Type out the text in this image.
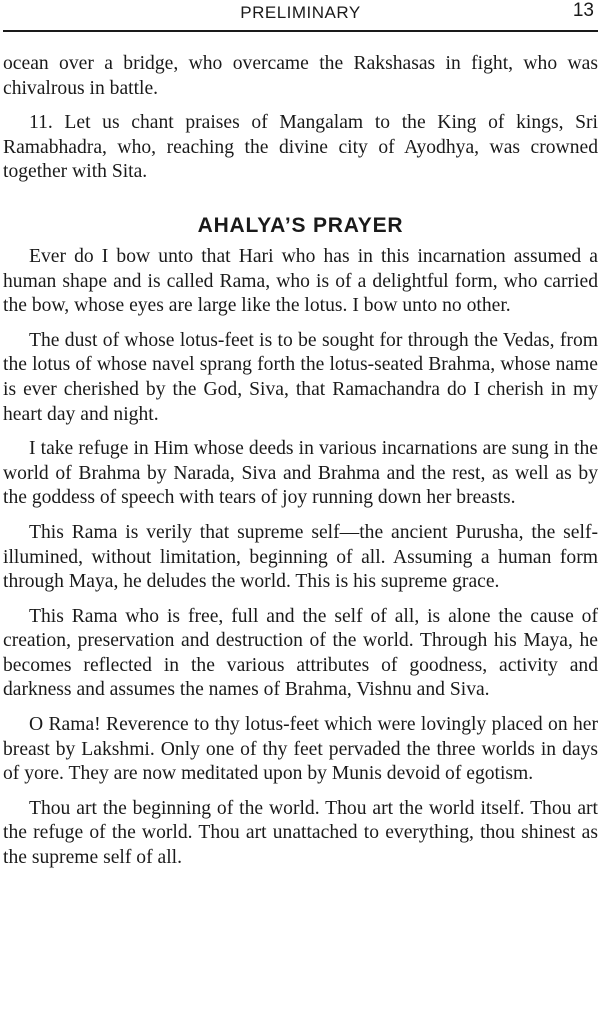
PRELIMINARY	13

ocean over a bridge, who overcame the Rakshasas in fight, who was chivalrous in battle.

11. Let us chant praises of Mangalam to the King of kings, Sri Ramabhadra, who, reaching the divine city of Ayodhya, was crowned together with Sita.

AHALYA’S PRAYER

Ever do I bow unto that Hari who has in this incarnation assumed a human shape and is called Rama, who is of a delightful form, who carried the bow, whose eyes are large like the lotus. I bow unto no other.

The dust of whose lotus-feet is to be sought for through the Vedas, from the lotus of whose navel sprang forth the lotus-seated Brahma, whose name is ever cherished by the God, Siva, that Ramachandra do I cherish in my heart day and night.

I take refuge in Him whose deeds in various incarnations are sung in the world of Brahma by Narada, Siva and Brahma and the rest, as well as by the goddess of speech with tears of joy running down her breasts.

This Rama is verily that supreme self—the ancient Purusha, the self-illumined, without limitation, beginning of all. Assuming a human form through Maya, he deludes the world. This is his supreme grace.

This Rama who is free, full and the self of all, is alone the cause of creation, preservation and destruction of the world. Through his Maya, he becomes reflected in the various attributes of goodness, activity and darkness and assumes the names of Brahma, Vishnu and Siva.

O Rama! Reverence to thy lotus-feet which were lovingly placed on her breast by Lakshmi. Only one of thy feet pervaded the three worlds in days of yore. They are now meditated upon by Munis devoid of egotism.

Thou art the beginning of the world. Thou art the world itself. Thou art the refuge of the world. Thou art unattached to everything, thou shinest as the supreme self of all.
